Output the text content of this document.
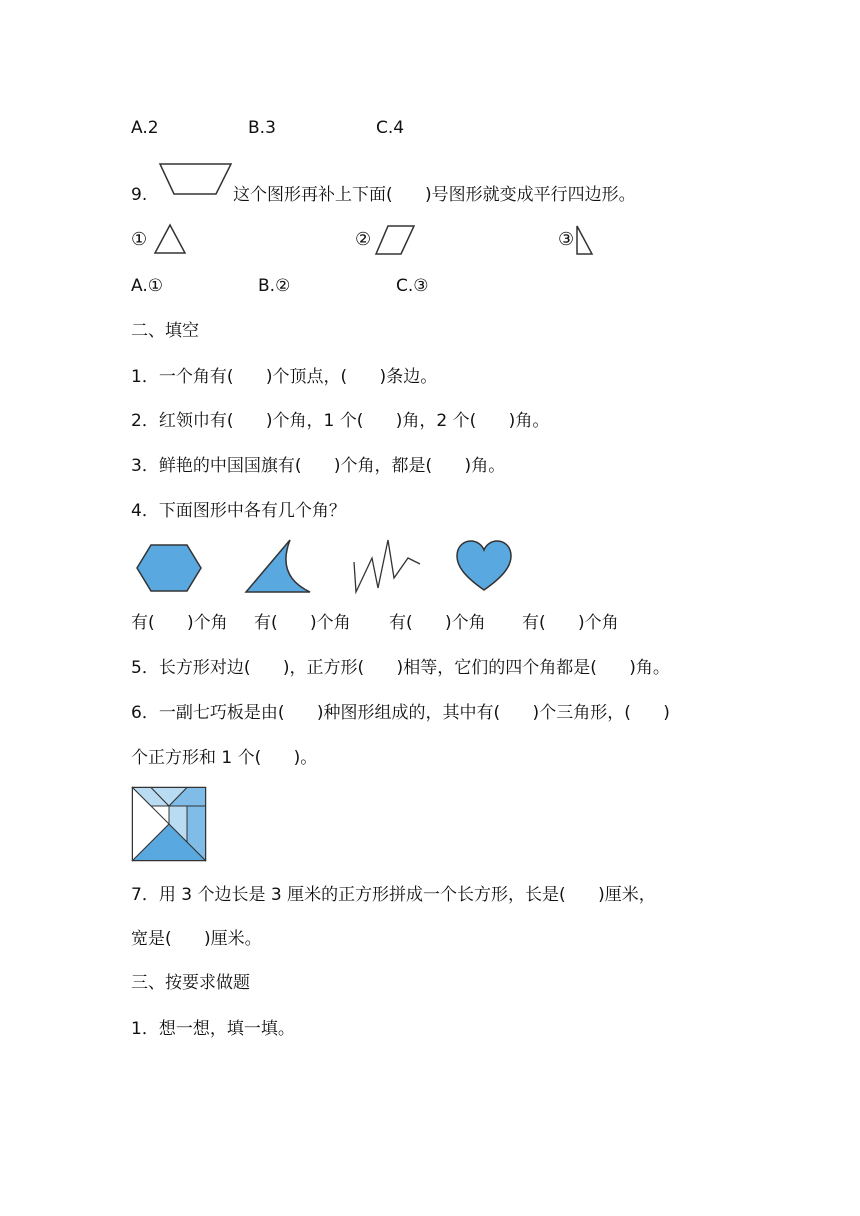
A.2	B.3	C.4
9.	这个图形再补上下面(      )号图形就变成平行四边形。
①	②	③
A.①	B.②	C.③
二、填空
1．一个角有(      )个顶点，(      )条边。
2．红领巾有(      )个角，1 个(      )角，2 个(      )角。
3．鲜艳的中国国旗有(      )个角，都是(      )角。
4．下面图形中各有几个角？
有(      )个角 有(      )个角 有(      )个角 有(      )个角
5．长方形对边(      )，正方形(      )相等，它们的四个角都是(      )角。
6．一副七巧板是由(      )种图形组成的，其中有(      )个三角形，(      )
个正方形和 1 个(      )。
7．用 3 个边长是 3 厘米的正方形拼成一个长方形，长是(      )厘米，
宽是(      )厘米。
三、按要求做题
1．想一想，填一填。
